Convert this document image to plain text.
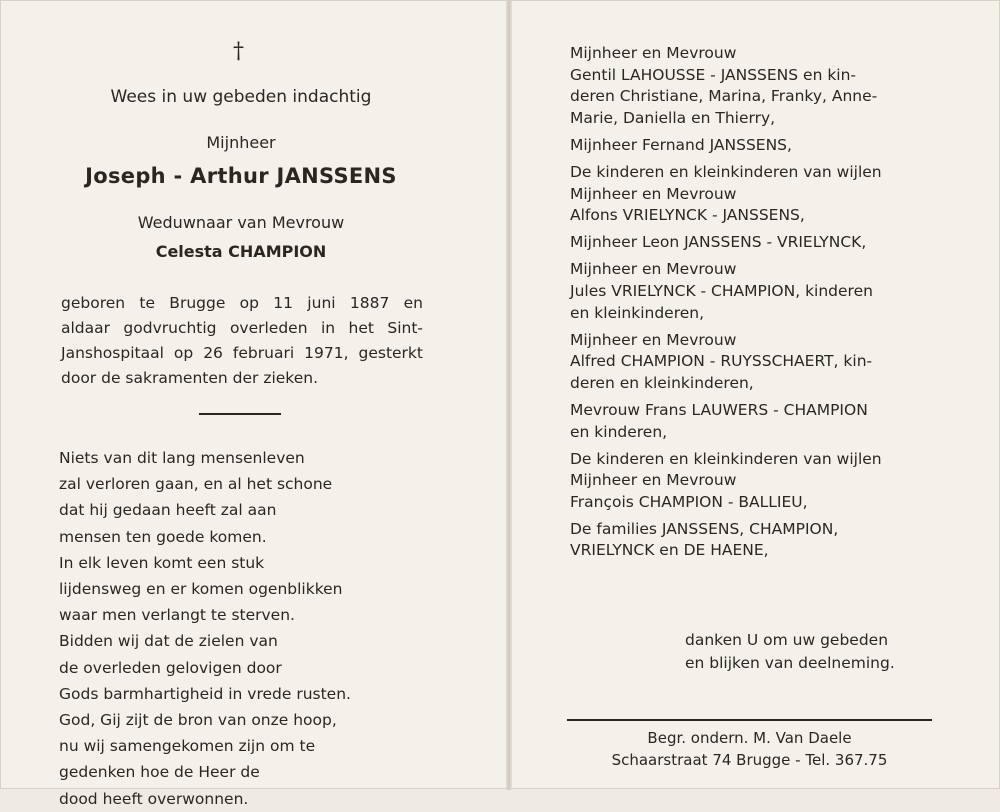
†
Wees in uw gebeden indachtig
Mijnheer
Joseph - Arthur JANSSENS
Weduwnaar van Mevrouw
Celesta CHAMPION
geboren te Brugge op 11 juni 1887 en
aldaar godvruchtig overleden in het Sint-
Janshospitaal op 26 februari 1971, gesterkt
door de sakramenten der zieken.
Niets van dit lang mensenleven
zal verloren gaan, en al het schone
dat hij gedaan heeft zal aan
mensen ten goede komen.
In elk leven komt een stuk
lijdensweg en er komen ogenblikken
waar men verlangt te sterven.
Bidden wij dat de zielen van
de overleden gelovigen door
Gods barmhartigheid in vrede rusten.
God, Gij zijt de bron van onze hoop,
nu wij samengekomen zijn om te
gedenken hoe de Heer de
dood heeft overwonnen.
Mijnheer en Mevrouw
Gentil LAHOUSSE - JANSSENS en kin-
deren Christiane, Marina, Franky, Anne-
Marie, Daniella en Thierry,
Mijnheer Fernand JANSSENS,
De kinderen en kleinkinderen van wijlen
Mijnheer en Mevrouw
Alfons VRIELYNCK - JANSSENS,
Mijnheer Leon JANSSENS - VRIELYNCK,
Mijnheer en Mevrouw
Jules VRIELYNCK - CHAMPION, kinderen
en kleinkinderen,
Mijnheer en Mevrouw
Alfred CHAMPION - RUYSSCHAERT, kin-
deren en kleinkinderen,
Mevrouw Frans LAUWERS - CHAMPION
en kinderen,
De kinderen en kleinkinderen van wijlen
Mijnheer en Mevrouw
François CHAMPION - BALLIEU,
De families JANSSENS, CHAMPION,
VRIELYNCK en DE HAENE,
danken U om uw gebeden
en blijken van deelneming.
Begr. ondern. M. Van Daele
Schaarstraat 74 Brugge - Tel. 367.75
